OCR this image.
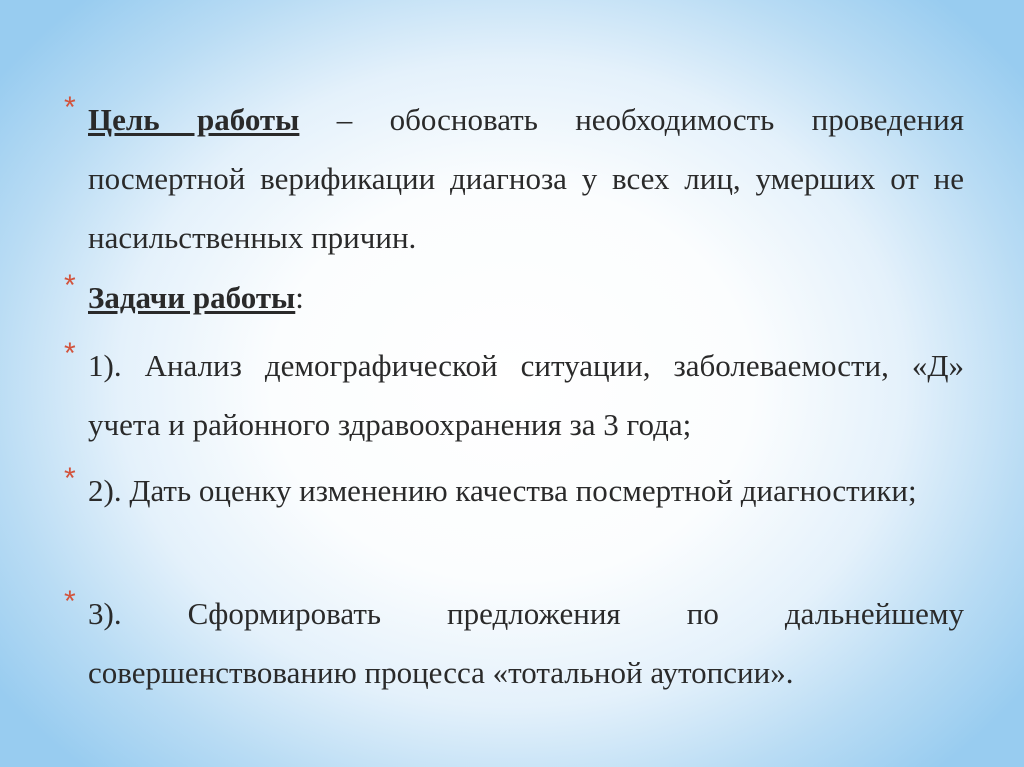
* Цель работы – обосновать необходимость проведения посмертной верификации диагноза у всех лиц, умерших от не насильственных причин.
* Задачи работы:
* 1). Анализ демографической ситуации, заболеваемости, «Д» учета и районного здравоохранения за 3 года;
* 2). Дать оценку изменению качества посмертной диагностики;
* 3). Сформировать предложения по дальнейшему совершенствованию процесса «тотальной аутопсии».
